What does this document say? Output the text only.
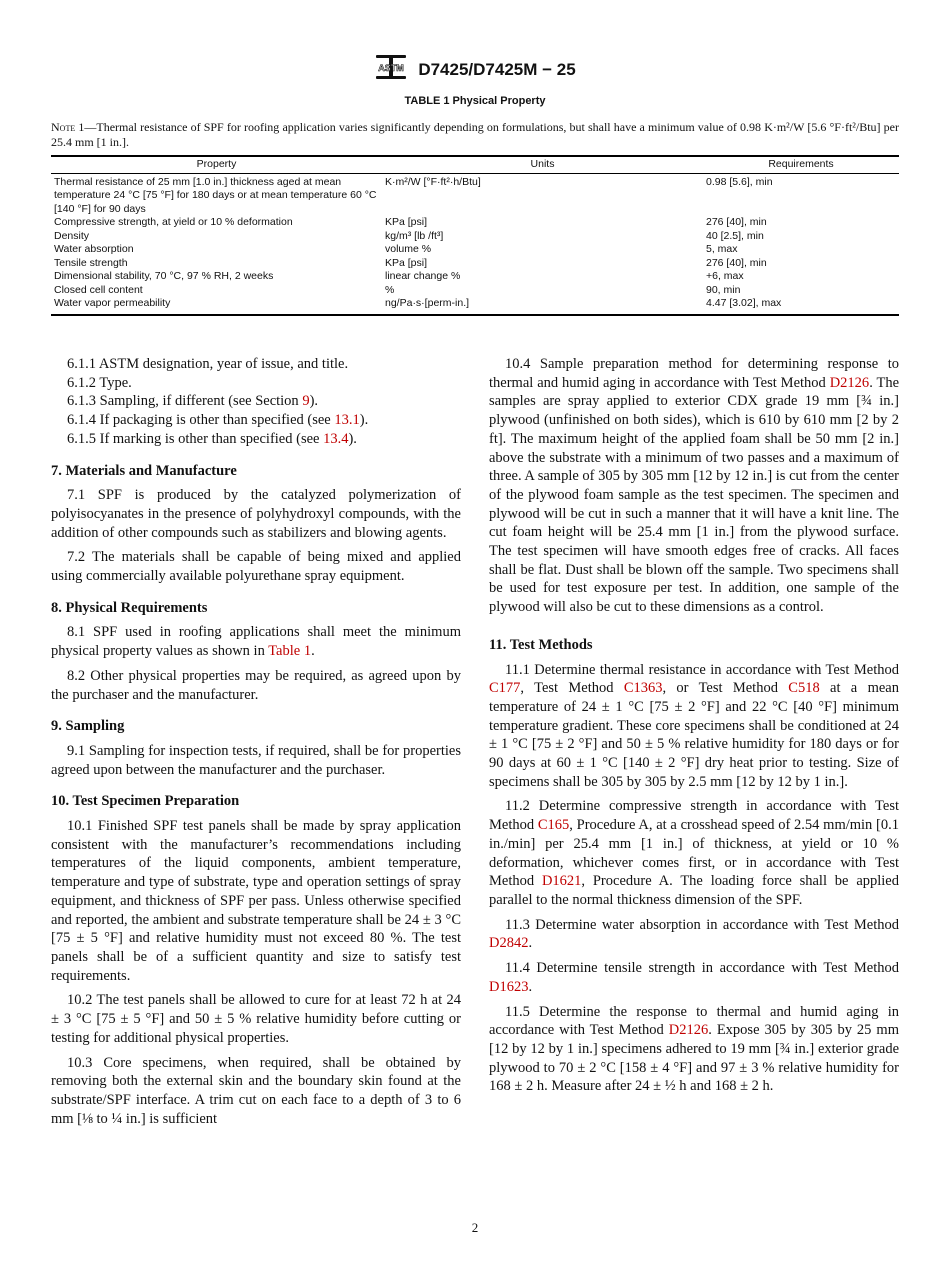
ASTM D7425/D7425M − 25
TABLE 1 Physical Property
Note 1—Thermal resistance of SPF for roofing application varies significantly depending on formulations, but shall have a minimum value of 0.98 K·m²/W [5.6 °F·ft²/Btu] per 25.4 mm [1 in.].
Property	Units	Requirements
Thermal resistance of 25 mm [1.0 in.] thickness aged at mean temperature 24 °C [75 °F] for 180 days or at mean temperature 60 °C [140 °F] for 90 days	K·m²/W [°F·ft²·h/Btu]	0.98 [5.6], min
Compressive strength, at yield or 10 % deformation	KPa [psi]	276 [40], min
Density	kg/m³ [lb /ft³]	40 [2.5], min
Water absorption	volume %	5, max
Tensile strength	KPa [psi]	276 [40], min
Dimensional stability, 70 °C, 97 % RH, 2 weeks	linear change %	+6, max
Closed cell content	%	90, min
Water vapor permeability	ng/Pa·s·[perm-in.]	4.47 [3.02], max

6.1.1 ASTM designation, year of issue, and title.

6.1.2 Type.

6.1.3 Sampling, if different (see Section 9).

6.1.4 If packaging is other than specified (see 13.1).

6.1.5 If marking is other than specified (see 13.4).

7. Materials and Manufacture

7.1 SPF is produced by the catalyzed polymerization of polyisocyanates in the presence of polyhydroxyl compounds, with the addition of other compounds such as stabilizers and blowing agents.

7.2 The materials shall be capable of being mixed and applied using commercially available polyurethane spray equipment.

8. Physical Requirements

8.1 SPF used in roofing applications shall meet the minimum physical property values as shown in Table 1.

8.2 Other physical properties may be required, as agreed upon by the purchaser and the manufacturer.

9. Sampling

9.1 Sampling for inspection tests, if required, shall be for properties agreed upon between the manufacturer and the purchaser.

10. Test Specimen Preparation

10.1 Finished SPF test panels shall be made by spray application consistent with the manufacturer’s recommendations including temperatures of the liquid components, ambient temperature, temperature and type of substrate, type and operation settings of spray equipment, and thickness of SPF per pass. Unless otherwise specified and reported, the ambient and substrate temperature shall be 24 ± 3 °C [75 ± 5 °F] and relative humidity must not exceed 80 %. The test panels shall be of a sufficient quantity and size to satisfy test requirements.

10.2 The test panels shall be allowed to cure for at least 72 h at 24 ± 3 °C [75 ± 5 °F] and 50 ± 5 % relative humidity before cutting or testing for additional physical properties.

10.3 Core specimens, when required, shall be obtained by removing both the external skin and the boundary skin found at the substrate/SPF interface. A trim cut on each face to a depth of 3 to 6 mm [⅛ to ¼ in.] is sufficient

10.4 Sample preparation method for determining response to thermal and humid aging in accordance with Test Method D2126. The samples are spray applied to exterior CDX grade 19 mm [¾ in.] plywood (unfinished on both sides), which is 610 by 610 mm [2 by 2 ft]. The maximum height of the applied foam shall be 50 mm [2 in.] above the substrate with a minimum of two passes and a maximum of three. A sample of 305 by 305 mm [12 by 12 in.] is cut from the center of the plywood foam sample as the test specimen. The specimen and plywood will be cut in such a manner that it will have a knit line. The cut foam height will be 25.4 mm [1 in.] from the plywood surface. The test specimen will have smooth edges free of cracks. All faces shall be flat. Dust shall be blown off the sample. Two specimens shall be used for test exposure per test. In addition, one sample of the plywood will also be cut to these dimensions as a control.

11. Test Methods

11.1 Determine thermal resistance in accordance with Test Method C177, Test Method C1363, or Test Method C518 at a mean temperature of 24 ± 1 °C [75 ± 2 °F] and 22 °C [40 °F] minimum temperature gradient. These core specimens shall be conditioned at 24 ± 1 °C [75 ± 2 °F] and 50 ± 5 % relative humidity for 180 days or for 90 days at 60 ± 1 °C [140 ± 2 °F] dry heat prior to testing. Size of specimens shall be 305 by 305 by 2.5 mm [12 by 12 by 1 in.].

11.2 Determine compressive strength in accordance with Test Method C165, Procedure A, at a crosshead speed of 2.54 mm/min [0.1 in./min] per 25.4 mm [1 in.] of thickness, at yield or 10 % deformation, whichever comes first, or in accordance with Test Method D1621, Procedure A. The loading force shall be applied parallel to the normal thickness dimension of the SPF.

11.3 Determine water absorption in accordance with Test Method D2842.

11.4 Determine tensile strength in accordance with Test Method D1623.

11.5 Determine the response to thermal and humid aging in accordance with Test Method D2126. Expose 305 by 305 by 25 mm [12 by 12 by 1 in.] specimens adhered to 19 mm [¾ in.] exterior grade plywood to 70 ± 2 °C [158 ± 4 °F] and 97 ± 3 % relative humidity for 168 ± 2 h. Measure after 24 ± ½ h and 168 ± 2 h.

2
